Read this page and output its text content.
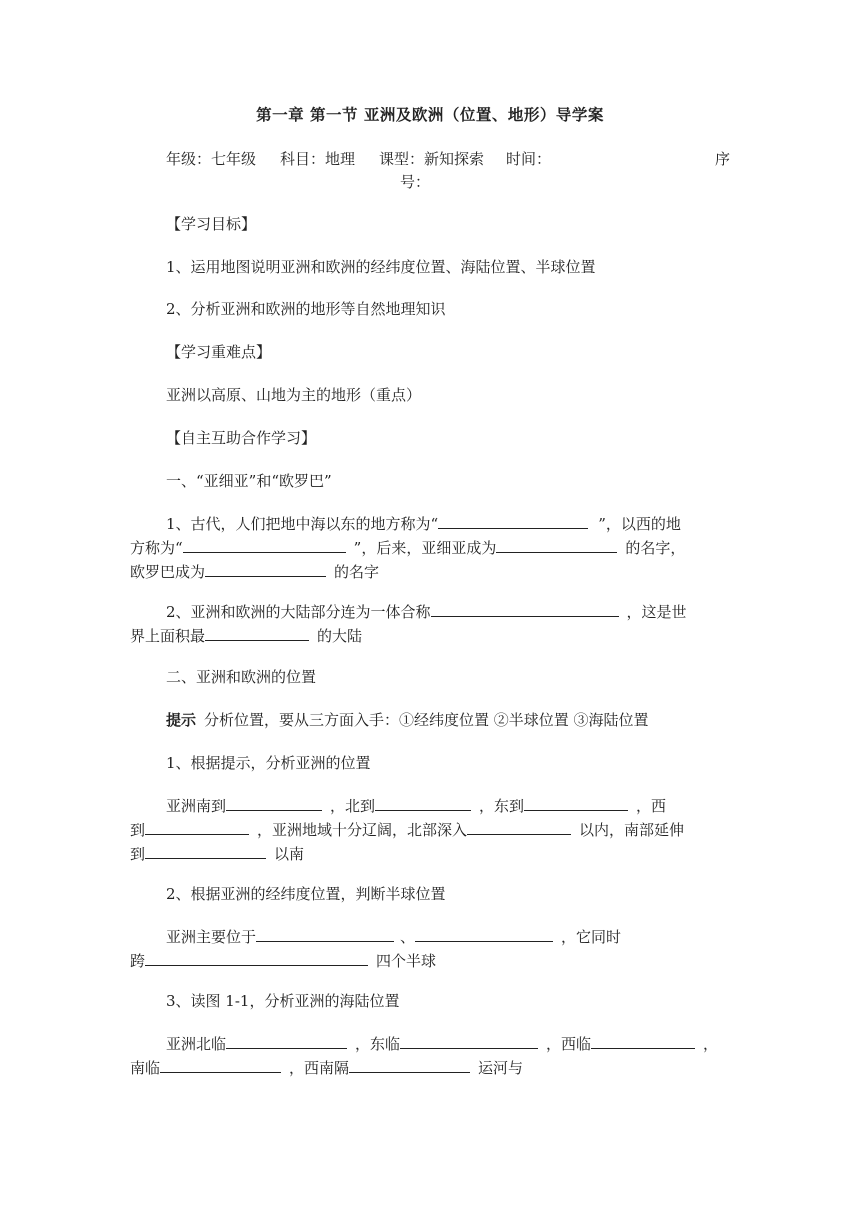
第一章 第一节 亚洲及欧洲（位置、地形）导学案
年级：七年级 科目：地理 课型：新知探索 时间：	序
号：
【学习目标】
1、运用地图说明亚洲和欧洲的经纬度位置、海陆位置、半球位置
2、分析亚洲和欧洲的地形等自然地理知识
【学习重难点】
亚洲以高原、山地为主的地形（重点）
【自主互助合作学习】
一、“亚细亚”和“欧罗巴”
1、古代，人们把地中海以东的地方称为“	”，以西的地
方称为“	”，后来，亚细亚成为	的名字，
欧罗巴成为	的名字
2、亚洲和欧洲的大陆部分连为一体合称	，这是世
界上面积最	的大陆
二、亚洲和欧洲的位置
提示 分析位置，要从三方面入手：①经纬度位置 ②半球位置 ③海陆位置
1、根据提示，分析亚洲的位置
亚洲南到	，北到	，东到	，西
到	，亚洲地域十分辽阔，北部深入	以内，南部延伸
到	以南
2、根据亚洲的经纬度位置，判断半球位置
亚洲主要位于	、	，它同时
跨	四个半球
3、读图 1-1，分析亚洲的海陆位置
亚洲北临	，东临	，西临	，
南临	，西南隔	运河与
